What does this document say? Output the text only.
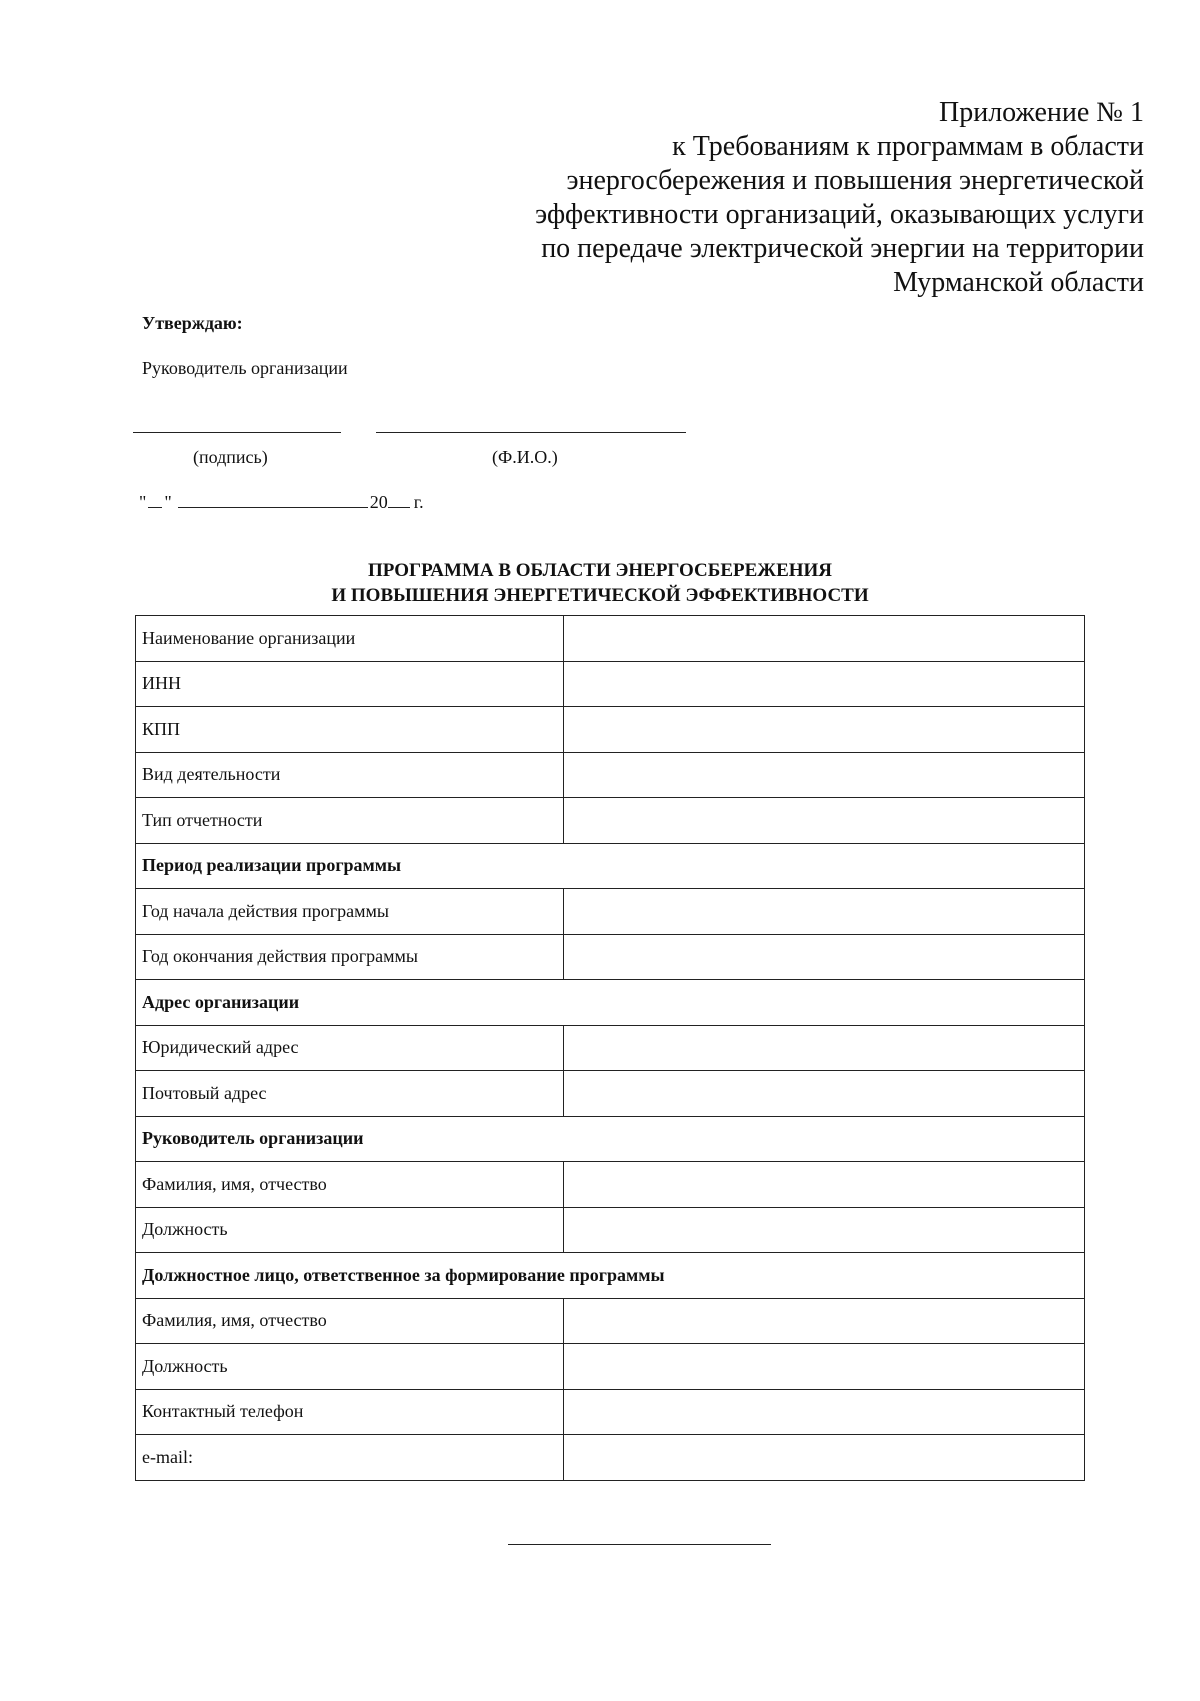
Приложение № 1
к Требованиям к программам в области
энергосбережения и повышения энергетической
эффективности организаций, оказывающих услуги
по передаче электрической энергии на территории
Мурманской области
Утверждаю:
Руководитель организации
(подпись)	(Ф.И.О.)
" "	20 г.
ПРОГРАММА В ОБЛАСТИ ЭНЕРГОСБЕРЕЖЕНИЯ
И ПОВЫШЕНИЯ ЭНЕРГЕТИЧЕСКОЙ ЭФФЕКТИВНОСТИ
Наименование организации	
ИНН	
КПП	
Вид деятельности	
Тип отчетности	
Период реализации программы	
Год начала действия программы	
Год окончания действия программы	
Адрес организации	
Юридический адрес	
Почтовый адрес	
Руководитель организации	
Фамилия, имя, отчество	
Должность	
Должностное лицо, ответственное за формирование программы	
Фамилия, имя, отчество	
Должность	
Контактный телефон	
e-mail:	
